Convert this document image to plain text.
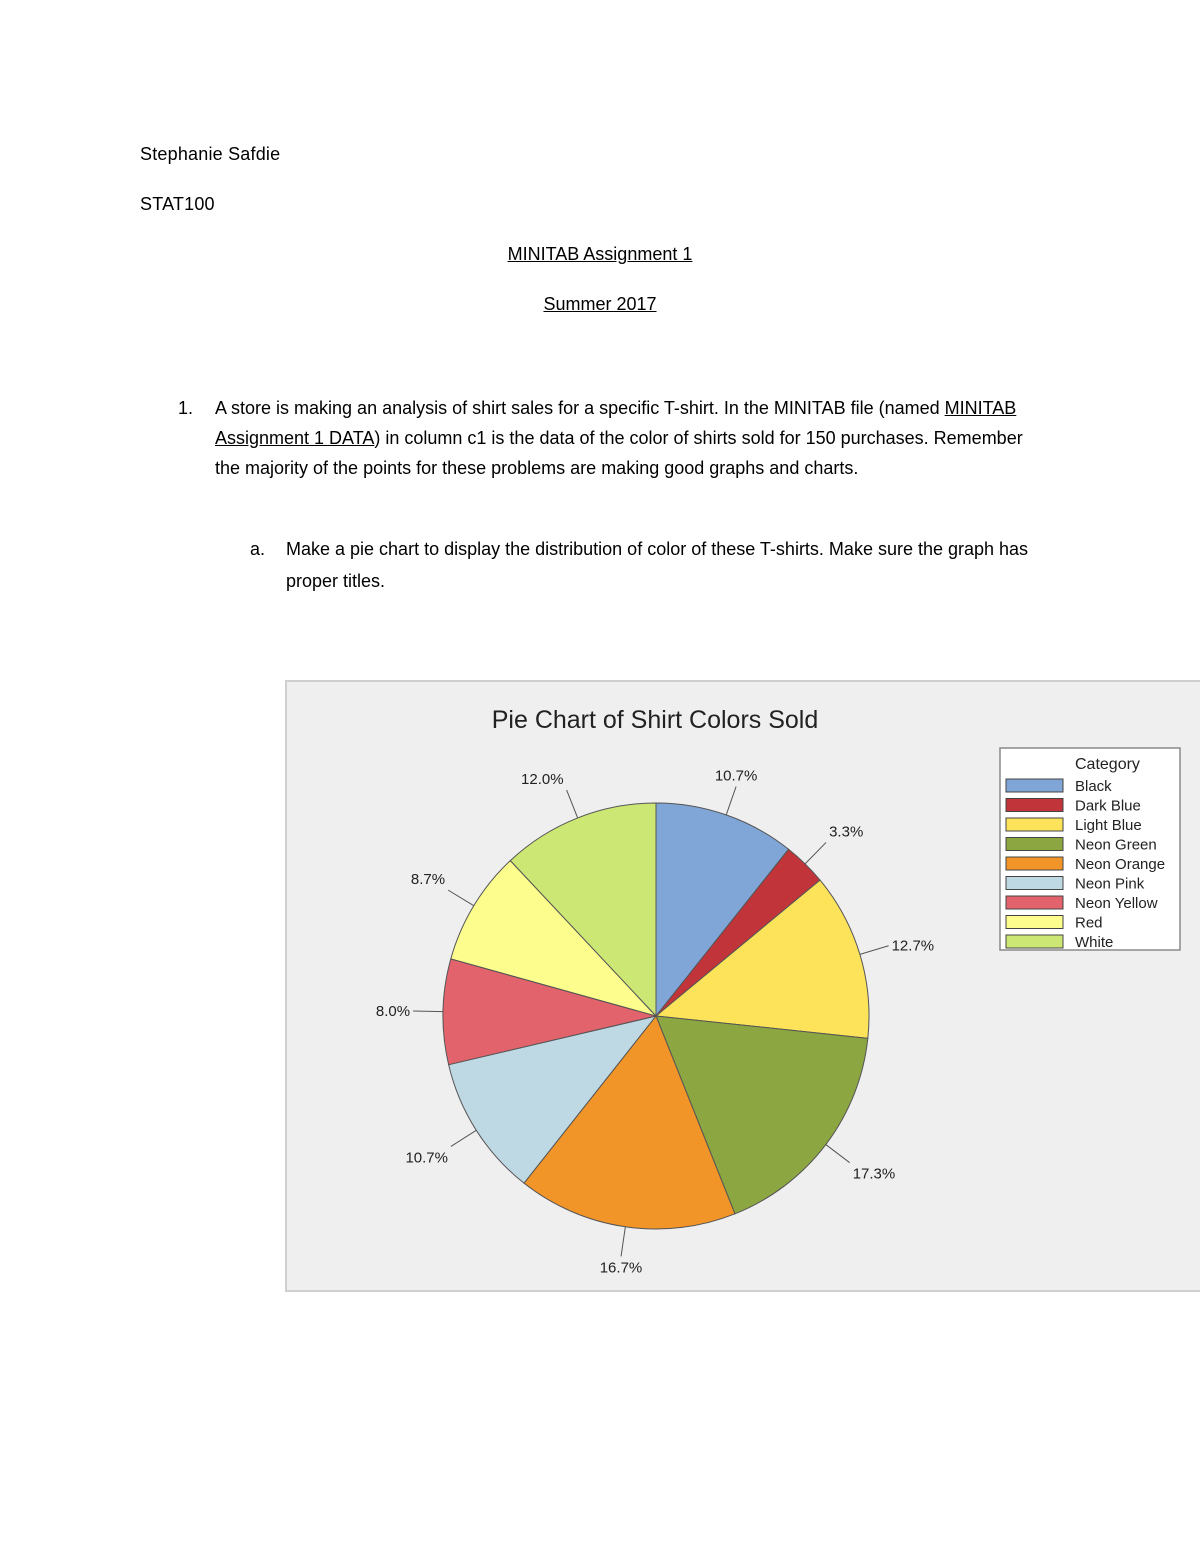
Stephanie Safdie
STAT100
MINITAB Assignment 1
Summer 2017
1. A store is making an analysis of shirt sales for a specific T-shirt. In the MINITAB file (named MINITAB Assignment 1 DATA) in column c1 is the data of the color of shirts sold for 150 purchases. Remember the majority of the points for these problems are making good graphs and charts.
a. Make a pie chart to display the distribution of color of these T-shirts. Make sure the graph has proper titles.
Pie Chart of Shirt Colors Sold
10.7%
3.3%
12.7%
17.3%
16.7%
10.7%
8.0%
8.7%
12.0%
Category
Black
Dark Blue
Light Blue
Neon Green
Neon Orange
Neon Pink
Neon Yellow
Red
White
